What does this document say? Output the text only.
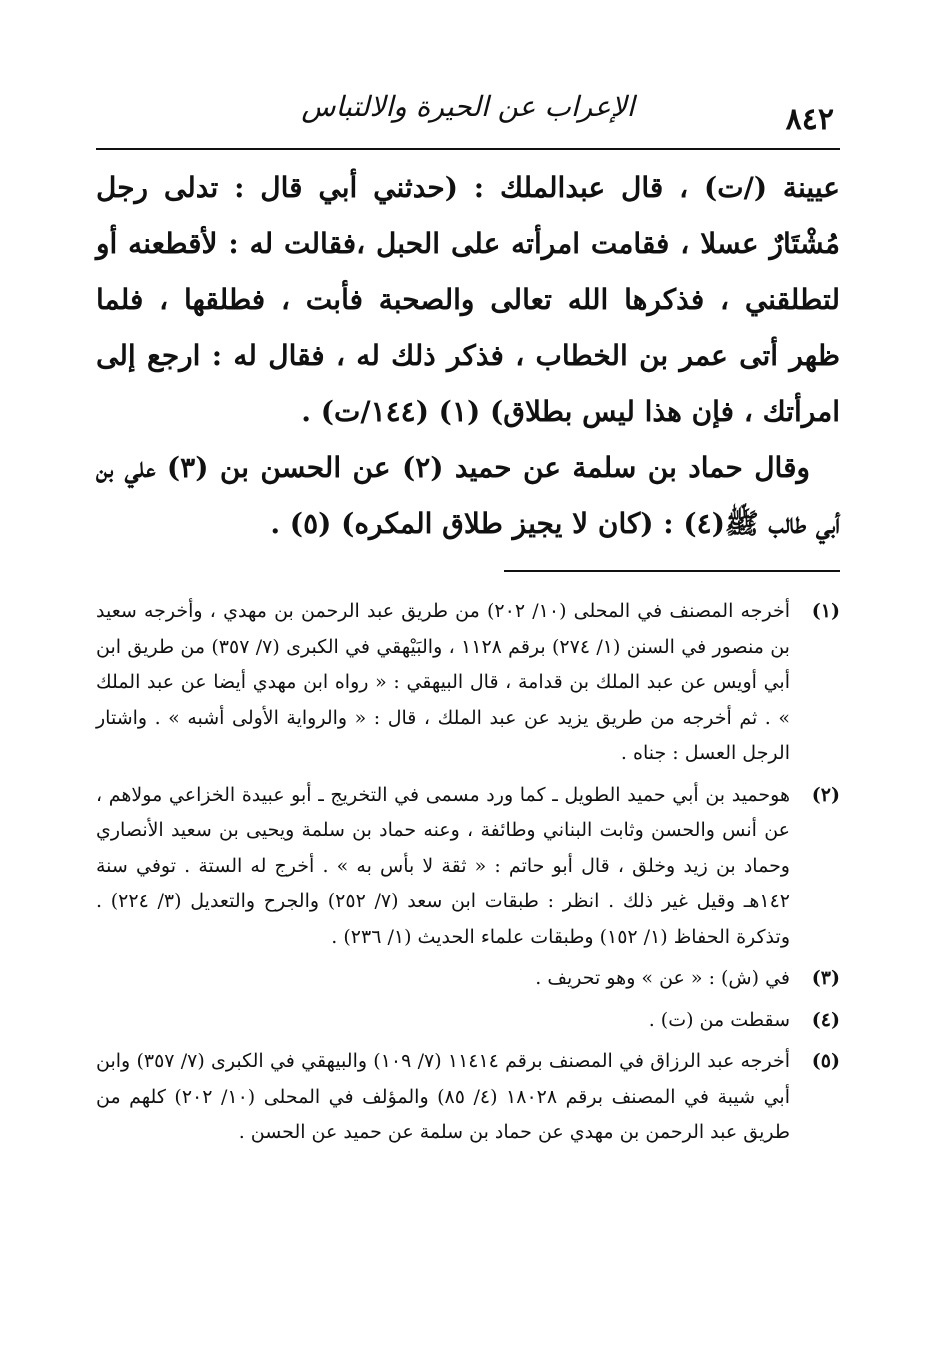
٨٤٢
الإعراب عن الحيرة والالتباس

عيينة (/ت) ، قال عبدالملك : (حدثني أبي قال : تدلى رجل مُشْتَارٌ عسلا ، فقامت امرأته على الحبل ،فقالت له : لأقطعنه أو لتطلقني ، فذكرها الله تعالى والصحبة فأبت ، فطلقها ، فلما ظهر أتى عمر بن الخطاب ، فذكر ذلك له ، فقال له : ارجع إلى امرأتك ، فإن هذا ليس بطلاق) (١) (١٤٤/ت) .

وقال حماد بن سلمة عن حميد (٢) عن الحسن بن (٣) علي بن أبي طالب ﷺ(٤) : (كان لا يجيز طلاق المكره) (٥) .

(١)
أخرجه المصنف في المحلى (١٠/ ٢٠٢) من طريق عبد الرحمن بن مهدي ، وأخرجه سعيد بن منصور في السنن (١/ ٢٧٤) برقم ١١٢٨ ، والبَيْهقي في الكبرى (٧/ ٣٥٧) من طريق ابن أبي أويس عن عبد الملك بن قدامة ، قال البيهقي : « رواه ابن مهدي أيضا عن عبد الملك » . ثم أخرجه من طريق يزيد عن عبد الملك ، قال : « والرواية الأولى أشبه » . واشتار الرجل العسل : جناه .
(٢)
هوحميد بن أبي حميد الطويل ـ كما ورد مسمى في التخريج ـ أبو عبيدة الخزاعي مولاهم ، عن أنس والحسن وثابت البناني وطائفة ، وعنه حماد بن سلمة ويحيى بن سعيد الأنصاري وحماد بن زيد وخلق ، قال أبو حاتم : « ثقة لا بأس به » . أخرج له الستة . توفي سنة ١٤٢هـ وقيل غير ذلك . انظر : طبقات ابن سعد (٧/ ٢٥٢) والجرح والتعديل (٣/ ٢٢٤) . وتذكرة الحفاظ (١/ ١٥٢) وطبقات علماء الحديث (١/ ٢٣٦) .
(٣)
في (ش) : « عن » وهو تحريف .
(٤)
سقطت من (ت) .
(٥)
أخرجه عبد الرزاق في المصنف برقم ١١٤١٤ (٧/ ١٠٩) والبيهقي في الكبرى (٧/ ٣٥٧) وابن أبي شيبة في المصنف برقم ١٨٠٢٨ (٤/ ٨٥) والمؤلف في المحلى (١٠/ ٢٠٢) كلهم من طريق عبد الرحمن بن مهدي عن حماد بن سلمة عن حميد عن الحسن .
